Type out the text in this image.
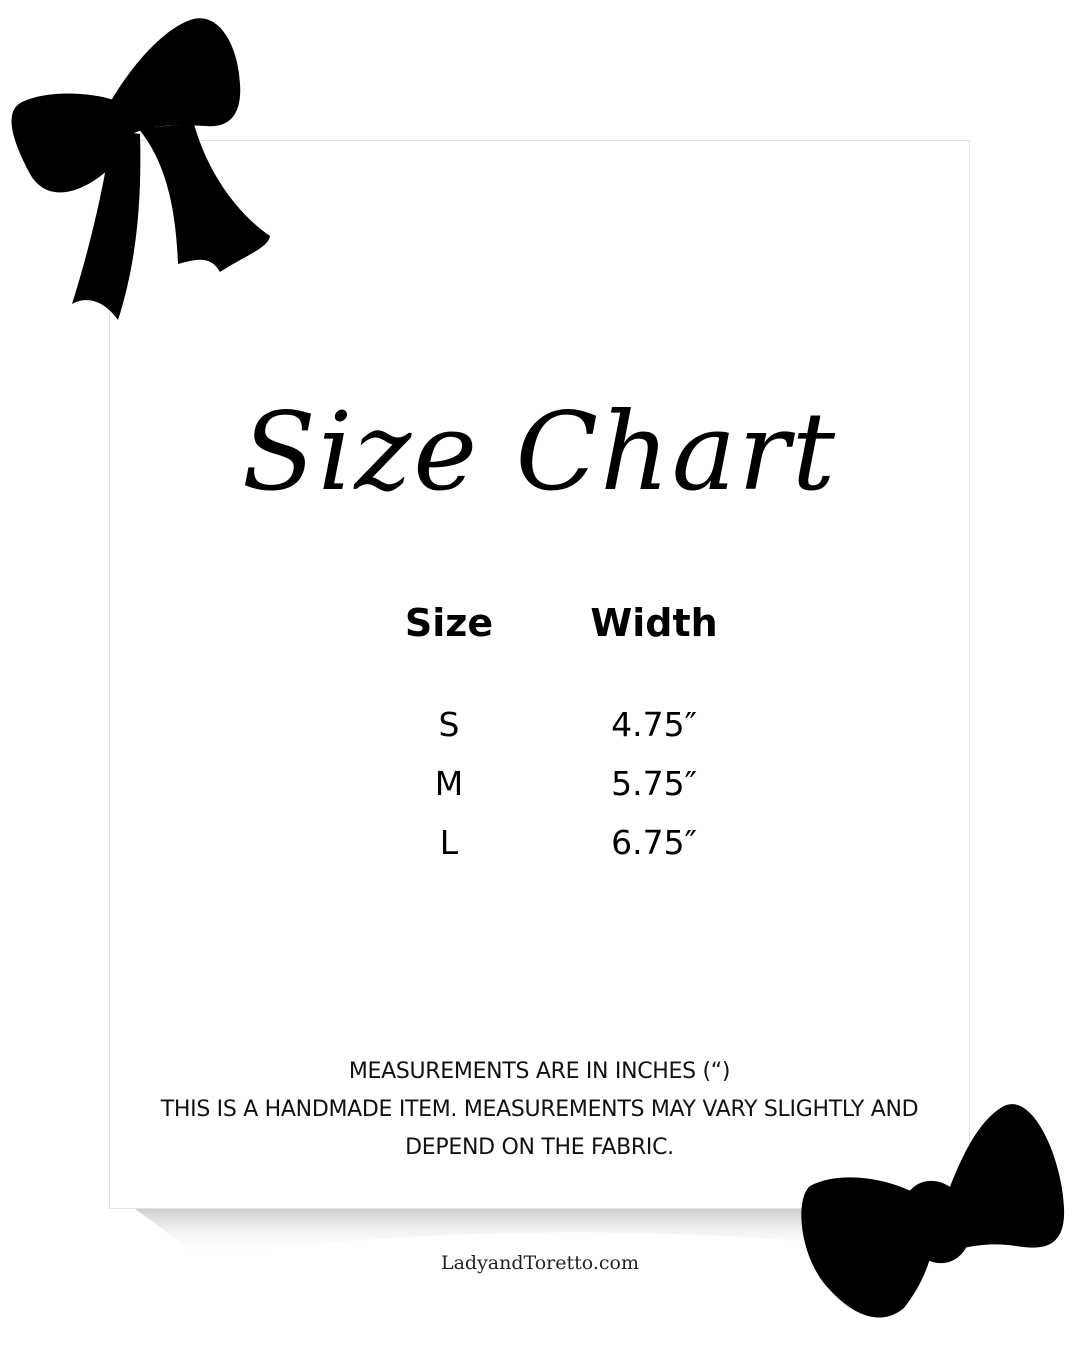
Size Chart
Size	Width
S	4.75″
M	5.75″
L	6.75″
MEASUREMENTS ARE IN INCHES (“)
THIS IS A HANDMADE ITEM. MEASUREMENTS MAY VARY SLIGHTLY AND
DEPEND ON THE FABRIC.
LadyandToretto.com
